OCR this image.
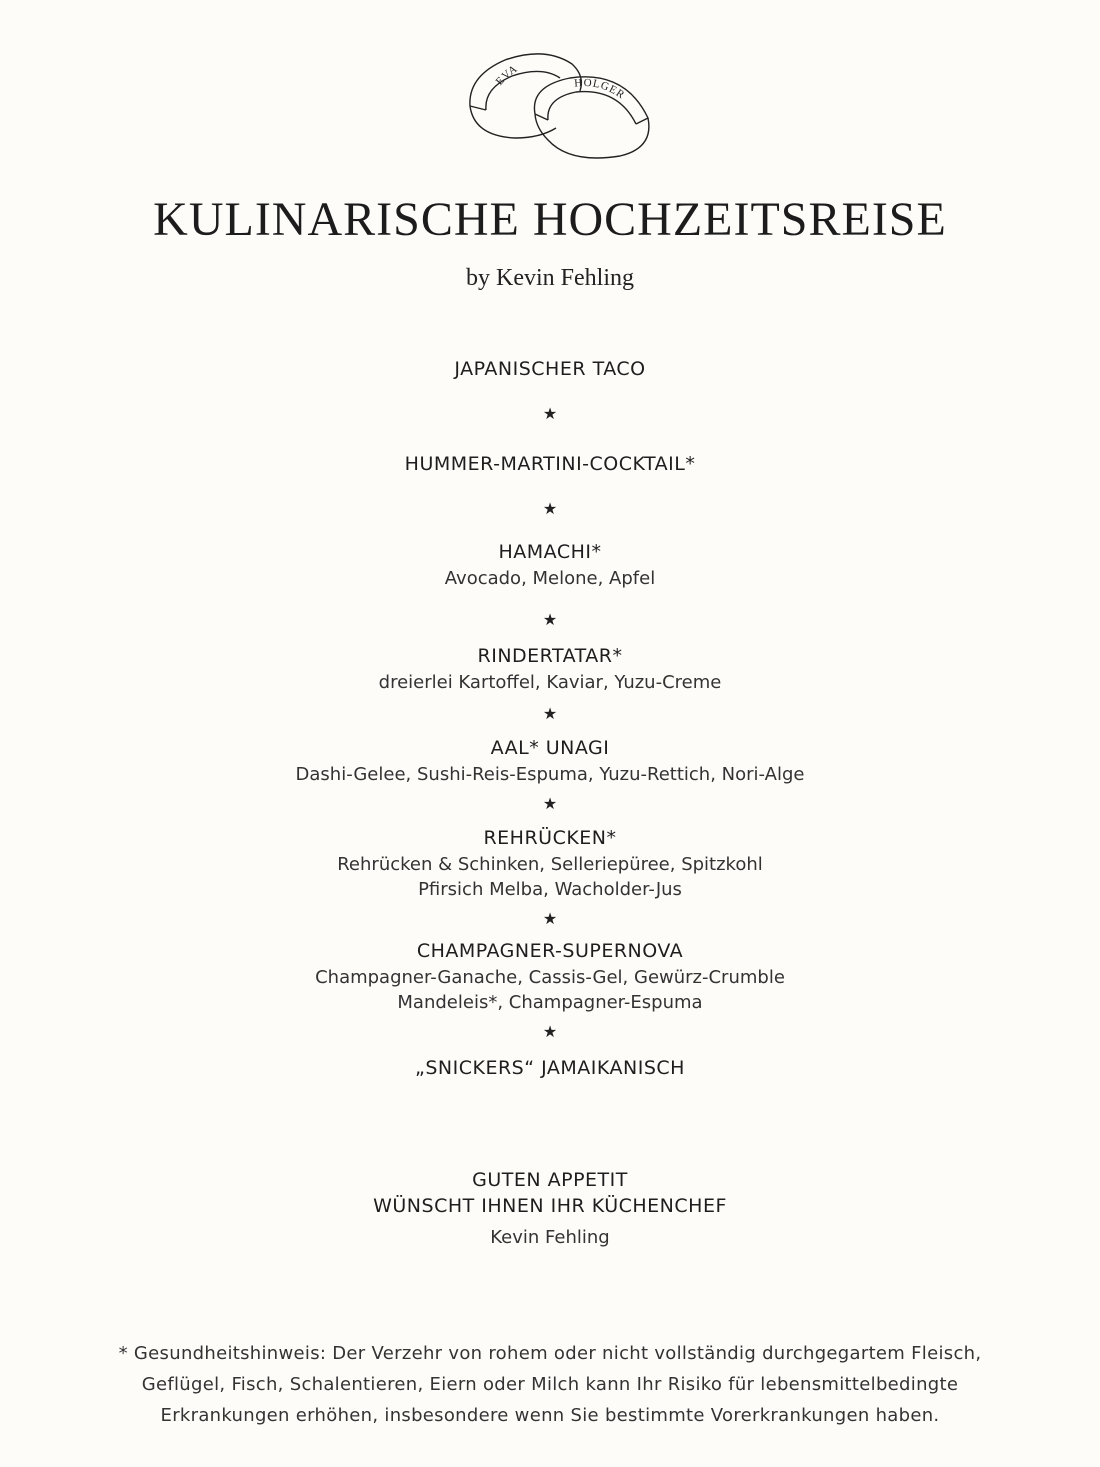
EVA
HOLGER
KULINARISCHE HOCHZEITSREISE
by Kevin Fehling
JAPANISCHER TACO
★
HUMMER-MARTINI-COCKTAIL*
★
HAMACHI*
Avocado, Melone, Apfel
★
RINDERTATAR*
dreierlei Kartoffel, Kaviar, Yuzu-Creme
★
AAL* UNAGI
Dashi-Gelee, Sushi-Reis-Espuma, Yuzu-Rettich, Nori-Alge
★
REHRÜCKEN*
Rehrücken & Schinken, Selleriepüree, Spitzkohl
Pfirsich Melba, Wacholder-Jus
★
CHAMPAGNER-SUPERNOVA
Champagner-Ganache, Cassis-Gel, Gewürz-Crumble
Mandeleis*, Champagner-Espuma
★
„SNICKERS“ JAMAIKANISCH
GUTEN APPETIT
WÜNSCHT IHNEN IHR KÜCHENCHEF
Kevin Fehling
* Gesundheitshinweis: Der Verzehr von rohem oder nicht vollständig durchgegartem Fleisch,
Geflügel, Fisch, Schalentieren, Eiern oder Milch kann Ihr Risiko für lebensmittelbedingte
Erkrankungen erhöhen, insbesondere wenn Sie bestimmte Vorerkrankungen haben.
